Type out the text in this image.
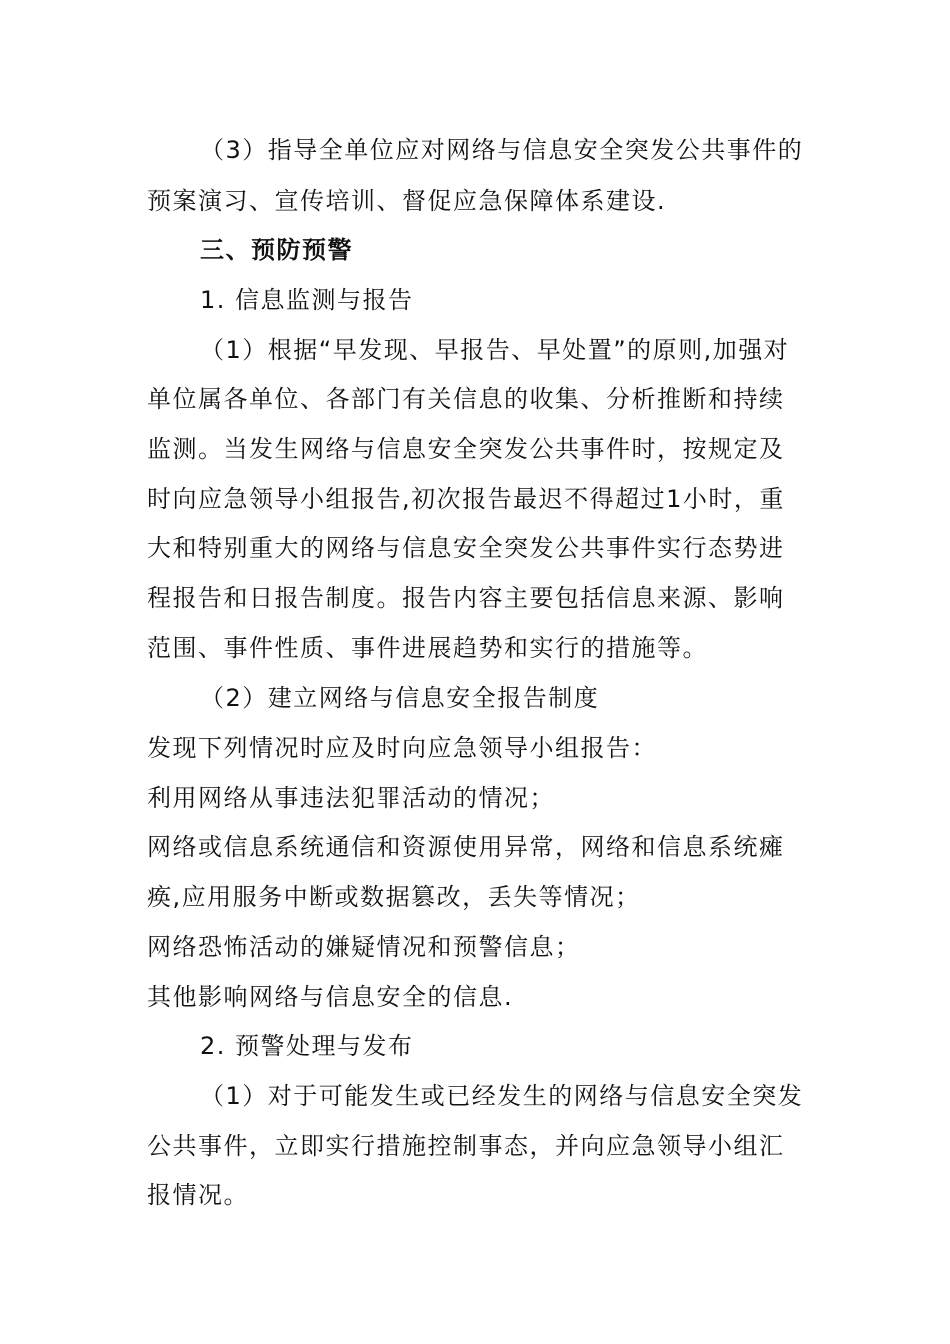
（3）指导全单位应对网络与信息安全突发公共事件的
预案演习、宣传培训、督促应急保障体系建设.
三、预防预警
1. 信息监测与报告
（1）根据“早发现、早报告、早处置”的原则,加强对
单位属各单位、各部门有关信息的收集、分析推断和持续
监测。当发生网络与信息安全突发公共事件时，按规定及
时向应急领导小组报告,初次报告最迟不得超过1小时，重
大和特别重大的网络与信息安全突发公共事件实行态势进
程报告和日报告制度。报告内容主要包括信息来源、影响
范围、事件性质、事件进展趋势和实行的措施等。
（2）建立网络与信息安全报告制度
发现下列情况时应及时向应急领导小组报告：
利用网络从事违法犯罪活动的情况；
网络或信息系统通信和资源使用异常，网络和信息系统瘫
痪,应用服务中断或数据篡改，丢失等情况；
网络恐怖活动的嫌疑情况和预警信息；
其他影响网络与信息安全的信息.
2. 预警处理与发布
（1）对于可能发生或已经发生的网络与信息安全突发
公共事件，立即实行措施控制事态，并向应急领导小组汇
报情况。
